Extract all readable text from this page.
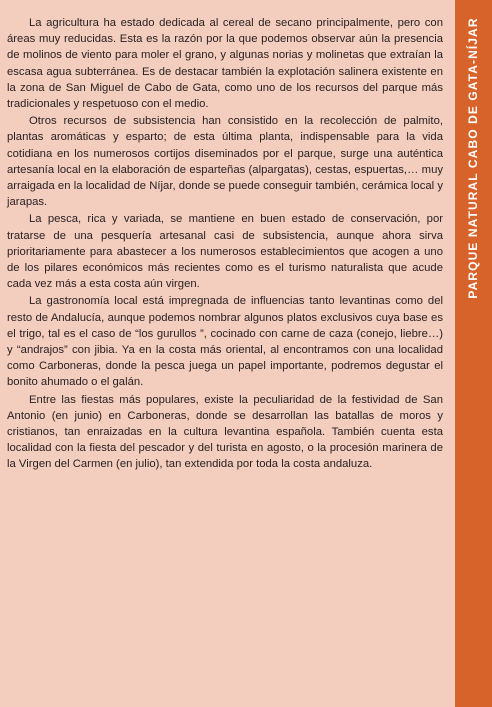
La agricultura ha estado dedicada al cereal de secano principalmente, pero con áreas muy reducidas. Esta es la razón por la que podemos observar aún la presencia de molinos de viento para moler el grano, y algunas norias y molinetas que extraían la escasa agua subterránea. Es de destacar también la explotación salinera existente en la zona de San Miguel de Cabo de Gata, como uno de los recursos del parque más tradicionales y respetuoso con el medio.

Otros recursos de subsistencia han consistido en la recolección de palmito, plantas aromáticas y esparto; de esta última planta, indispensable para la vida cotidiana en los numerosos cortijos diseminados por el parque, surge una auténtica artesanía local en la elaboración de esparteñas (alpargatas), cestas, espuertas,… muy arraigada en la localidad de Níjar, donde se puede conseguir también, cerámica local y jarapas.

La pesca, rica y variada, se mantiene en buen estado de conservación, por tratarse de una pesquería artesanal casi de subsistencia, aunque ahora sirva prioritariamente para abastecer a los numerosos establecimientos que acogen a uno de los pilares económicos más recientes como es el turismo naturalista que acude cada vez más a esta costa aún virgen.

La gastronomía local está impregnada de influencias tanto levantinas como del resto de Andalucía, aunque podemos nombrar algunos platos exclusivos cuya base es el trigo, tal es el caso de “los gurullos ”, cocinado con carne de caza (conejo, liebre…) y “andrajos” con jibia. Ya en la costa más oriental, al encontramos con una localidad como Carboneras, donde la pesca juega un papel importante, podremos degustar el bonito ahumado o el galán.

Entre las fiestas más populares, existe la peculiaridad de la festividad de San Antonio (en junio) en Carboneras, donde se desarrollan las batallas de moros y cristianos, tan enraizadas en la cultura levantina española. También cuenta esta localidad con la fiesta del pescador y del turista en agosto, o la procesión marinera de la Virgen del Carmen (en julio), tan extendida por toda la costa andaluza.

PARQUE NATURAL CABO DE GATA-NÍJAR
